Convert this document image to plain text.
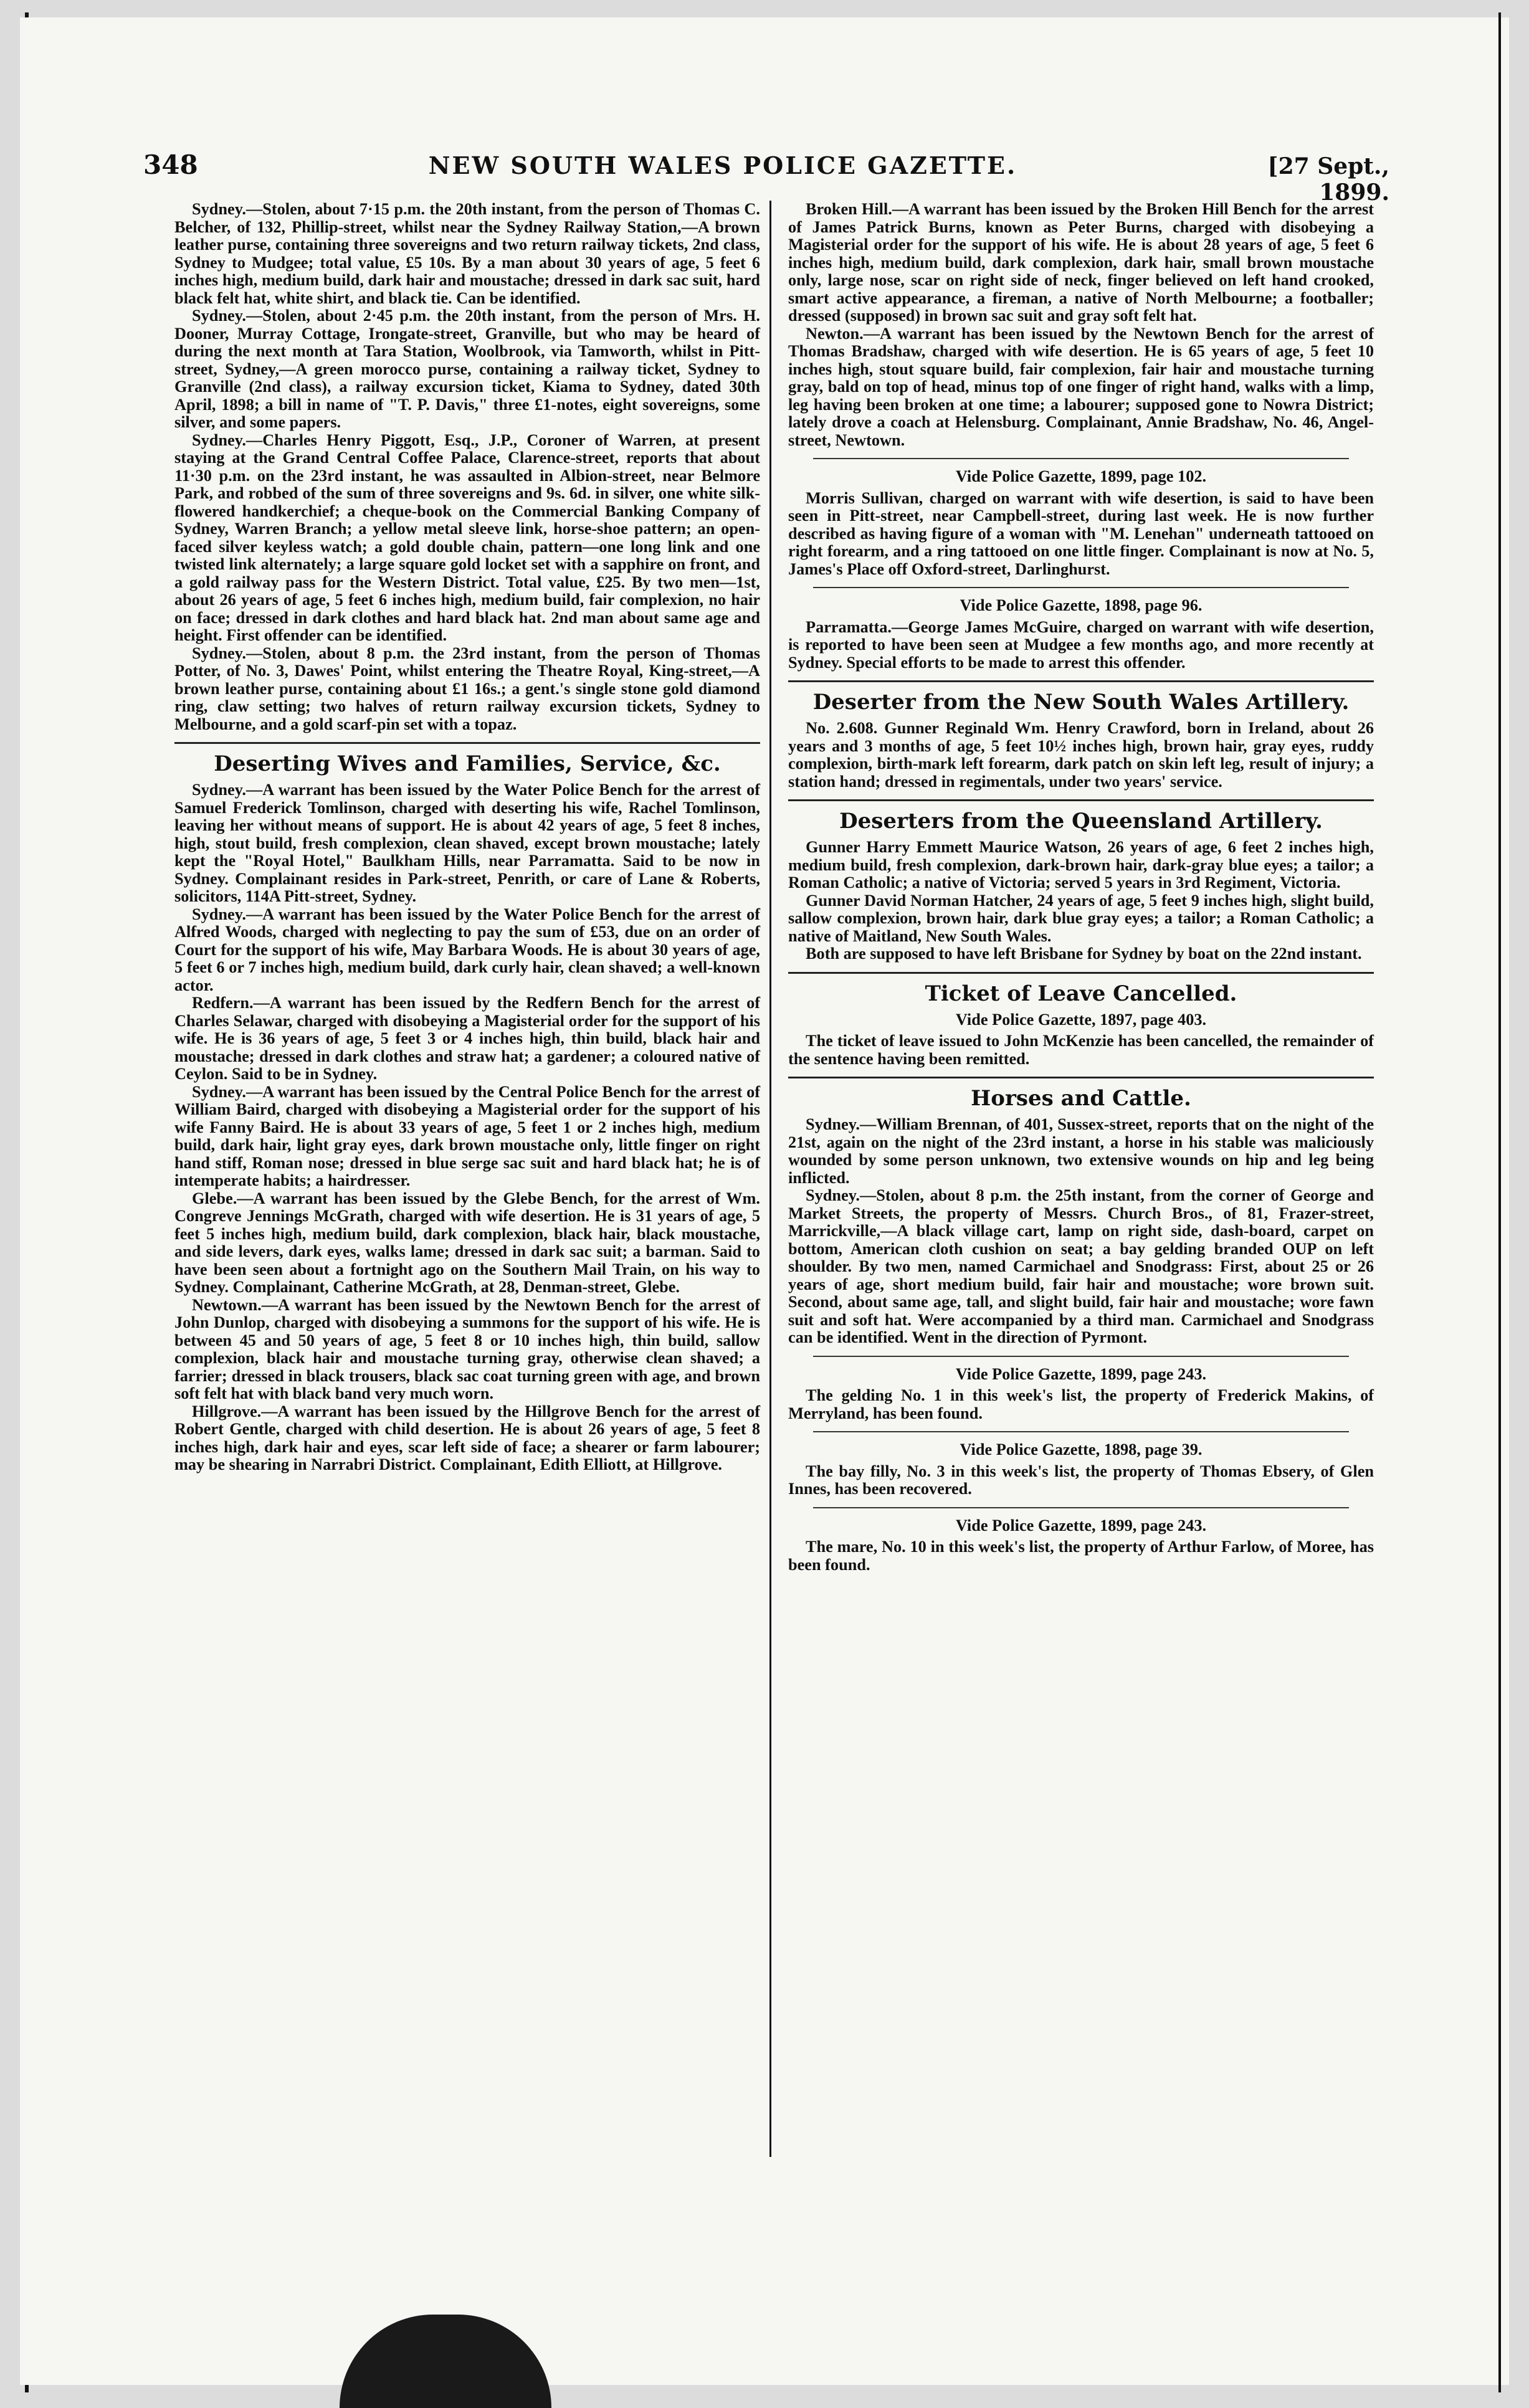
348	NEW SOUTH WALES POLICE GAZETTE.	[27 Sept., 1899.

Sydney.—Stolen, about 7·15 p.m. the 20th instant, from the person of Thomas C. Belcher, of 132, Phillip-street, whilst near the Sydney Railway Station,—A brown leather purse, containing three sovereigns and two return railway tickets, 2nd class, Sydney to Mudgee; total value, £5 10s. By a man about 30 years of age, 5 feet 6 inches high, medium build, dark hair and moustache; dressed in dark sac suit, hard black felt hat, white shirt, and black tie. Can be identified.

Sydney.—Stolen, about 2·45 p.m. the 20th instant, from the person of Mrs. H. Dooner, Murray Cottage, Irongate-street, Granville, but who may be heard of during the next month at Tara Station, Woolbrook, via Tamworth, whilst in Pitt-street, Sydney,—A green morocco purse, containing a railway ticket, Sydney to Granville (2nd class), a railway excursion ticket, Kiama to Sydney, dated 30th April, 1898; a bill in name of "T. P. Davis," three £1-notes, eight sovereigns, some silver, and some papers.

Sydney.—Charles Henry Piggott, Esq., J.P., Coroner of Warren, at present staying at the Grand Central Coffee Palace, Clarence-street, reports that about 11·30 p.m. on the 23rd instant, he was assaulted in Albion-street, near Belmore Park, and robbed of the sum of three sovereigns and 9s. 6d. in silver, one white silk-flowered handkerchief; a cheque-book on the Commercial Banking Company of Sydney, Warren Branch; a yellow metal sleeve link, horse-shoe pattern; an open-faced silver keyless watch; a gold double chain, pattern—one long link and one twisted link alternately; a large square gold locket set with a sapphire on front, and a gold railway pass for the Western District. Total value, £25. By two men—1st, about 26 years of age, 5 feet 6 inches high, medium build, fair complexion, no hair on face; dressed in dark clothes and hard black hat. 2nd man about same age and height. First offender can be identified.

Sydney.—Stolen, about 8 p.m. the 23rd instant, from the person of Thomas Potter, of No. 3, Dawes' Point, whilst entering the Theatre Royal, King-street,—A brown leather purse, containing about £1 16s.; a gent.'s single stone gold diamond ring, claw setting; two halves of return railway excursion tickets, Sydney to Melbourne, and a gold scarf-pin set with a topaz.

Deserting Wives and Families, Service, &c.

Sydney.—A warrant has been issued by the Water Police Bench for the arrest of Samuel Frederick Tomlinson, charged with deserting his wife, Rachel Tomlinson, leaving her without means of support. He is about 42 years of age, 5 feet 8 inches, high, stout build, fresh complexion, clean shaved, except brown moustache; lately kept the "Royal Hotel," Baulkham Hills, near Parramatta. Said to be now in Sydney. Complainant resides in Park-street, Penrith, or care of Lane & Roberts, solicitors, 114A Pitt-street, Sydney.

Sydney.—A warrant has been issued by the Water Police Bench for the arrest of Alfred Woods, charged with neglecting to pay the sum of £53, due on an order of Court for the support of his wife, May Barbara Woods. He is about 30 years of age, 5 feet 6 or 7 inches high, medium build, dark curly hair, clean shaved; a well-known actor.

Redfern.—A warrant has been issued by the Redfern Bench for the arrest of Charles Selawar, charged with disobeying a Magisterial order for the support of his wife. He is 36 years of age, 5 feet 3 or 4 inches high, thin build, black hair and moustache; dressed in dark clothes and straw hat; a gardener; a coloured native of Ceylon. Said to be in Sydney.

Sydney.—A warrant has been issued by the Central Police Bench for the arrest of William Baird, charged with disobeying a Magisterial order for the support of his wife Fanny Baird. He is about 33 years of age, 5 feet 1 or 2 inches high, medium build, dark hair, light gray eyes, dark brown moustache only, little finger on right hand stiff, Roman nose; dressed in blue serge sac suit and hard black hat; he is of intemperate habits; a hairdresser.

Glebe.—A warrant has been issued by the Glebe Bench, for the arrest of Wm. Congreve Jennings McGrath, charged with wife desertion. He is 31 years of age, 5 feet 5 inches high, medium build, dark complexion, black hair, black moustache, and side levers, dark eyes, walks lame; dressed in dark sac suit; a barman. Said to have been seen about a fortnight ago on the Southern Mail Train, on his way to Sydney. Complainant, Catherine McGrath, at 28, Denman-street, Glebe.

Newtown.—A warrant has been issued by the Newtown Bench for the arrest of John Dunlop, charged with disobeying a summons for the support of his wife. He is between 45 and 50 years of age, 5 feet 8 or 10 inches high, thin build, sallow complexion, black hair and moustache turning gray, otherwise clean shaved; a farrier; dressed in black trousers, black sac coat turning green with age, and brown soft felt hat with black band very much worn.

Hillgrove.—A warrant has been issued by the Hillgrove Bench for the arrest of Robert Gentle, charged with child desertion. He is about 26 years of age, 5 feet 8 inches high, dark hair and eyes, scar left side of face; a shearer or farm labourer; may be shearing in Narrabri District. Complainant, Edith Elliott, at Hillgrove.

Broken Hill.—A warrant has been issued by the Broken Hill Bench for the arrest of James Patrick Burns, known as Peter Burns, charged with disobeying a Magisterial order for the support of his wife. He is about 28 years of age, 5 feet 6 inches high, medium build, dark complexion, dark hair, small brown moustache only, large nose, scar on right side of neck, finger believed on left hand crooked, smart active appearance, a fireman, a native of North Melbourne; a footballer; dressed (supposed) in brown sac suit and gray soft felt hat.

Newton.—A warrant has been issued by the Newtown Bench for the arrest of Thomas Bradshaw, charged with wife desertion. He is 65 years of age, 5 feet 10 inches high, stout square build, fair complexion, fair hair and moustache turning gray, bald on top of head, minus top of one finger of right hand, walks with a limp, leg having been broken at one time; a labourer; supposed gone to Nowra District; lately drove a coach at Helensburg. Complainant, Annie Bradshaw, No. 46, Angel-street, Newtown.

Vide Police Gazette, 1899, page 102.

Morris Sullivan, charged on warrant with wife desertion, is said to have been seen in Pitt-street, near Campbell-street, during last week. He is now further described as having figure of a woman with "M. Lenehan" underneath tattooed on right forearm, and a ring tattooed on one little finger. Complainant is now at No. 5, James's Place off Oxford-street, Darlinghurst.

Vide Police Gazette, 1898, page 96.

Parramatta.—George James McGuire, charged on warrant with wife desertion, is reported to have been seen at Mudgee a few months ago, and more recently at Sydney. Special efforts to be made to arrest this offender.

Deserter from the New South Wales Artillery.

No. 2.608. Gunner Reginald Wm. Henry Crawford, born in Ireland, about 26 years and 3 months of age, 5 feet 10½ inches high, brown hair, gray eyes, ruddy complexion, birth-mark left forearm, dark patch on skin left leg, result of injury; a station hand; dressed in regimentals, under two years' service.

Deserters from the Queensland Artillery.

Gunner Harry Emmett Maurice Watson, 26 years of age, 6 feet 2 inches high, medium build, fresh complexion, dark-brown hair, dark-gray blue eyes; a tailor; a Roman Catholic; a native of Victoria; served 5 years in 3rd Regiment, Victoria.

Gunner David Norman Hatcher, 24 years of age, 5 feet 9 inches high, slight build, sallow complexion, brown hair, dark blue gray eyes; a tailor; a Roman Catholic; a native of Maitland, New South Wales.

Both are supposed to have left Brisbane for Sydney by boat on the 22nd instant.

Ticket of Leave Cancelled.

Vide Police Gazette, 1897, page 403.

The ticket of leave issued to John McKenzie has been cancelled, the remainder of the sentence having been remitted.

Horses and Cattle.

Sydney.—William Brennan, of 401, Sussex-street, reports that on the night of the 21st, again on the night of the 23rd instant, a horse in his stable was maliciously wounded by some person unknown, two extensive wounds on hip and leg being inflicted.

Sydney.—Stolen, about 8 p.m. the 25th instant, from the corner of George and Market Streets, the property of Messrs. Church Bros., of 81, Frazer-street, Marrickville,—A black village cart, lamp on right side, dash-board, carpet on bottom, American cloth cushion on seat; a bay gelding branded OUP on left shoulder. By two men, named Carmichael and Snodgrass: First, about 25 or 26 years of age, short medium build, fair hair and moustache; wore brown suit. Second, about same age, tall, and slight build, fair hair and moustache; wore fawn suit and soft hat. Were accompanied by a third man. Carmichael and Snodgrass can be identified. Went in the direction of Pyrmont.

Vide Police Gazette, 1899, page 243.

The gelding No. 1 in this week's list, the property of Frederick Makins, of Merryland, has been found.

Vide Police Gazette, 1898, page 39.

The bay filly, No. 3 in this week's list, the property of Thomas Ebsery, of Glen Innes, has been recovered.

Vide Police Gazette, 1899, page 243.

The mare, No. 10 in this week's list, the property of Arthur Farlow, of Moree, has been found.
